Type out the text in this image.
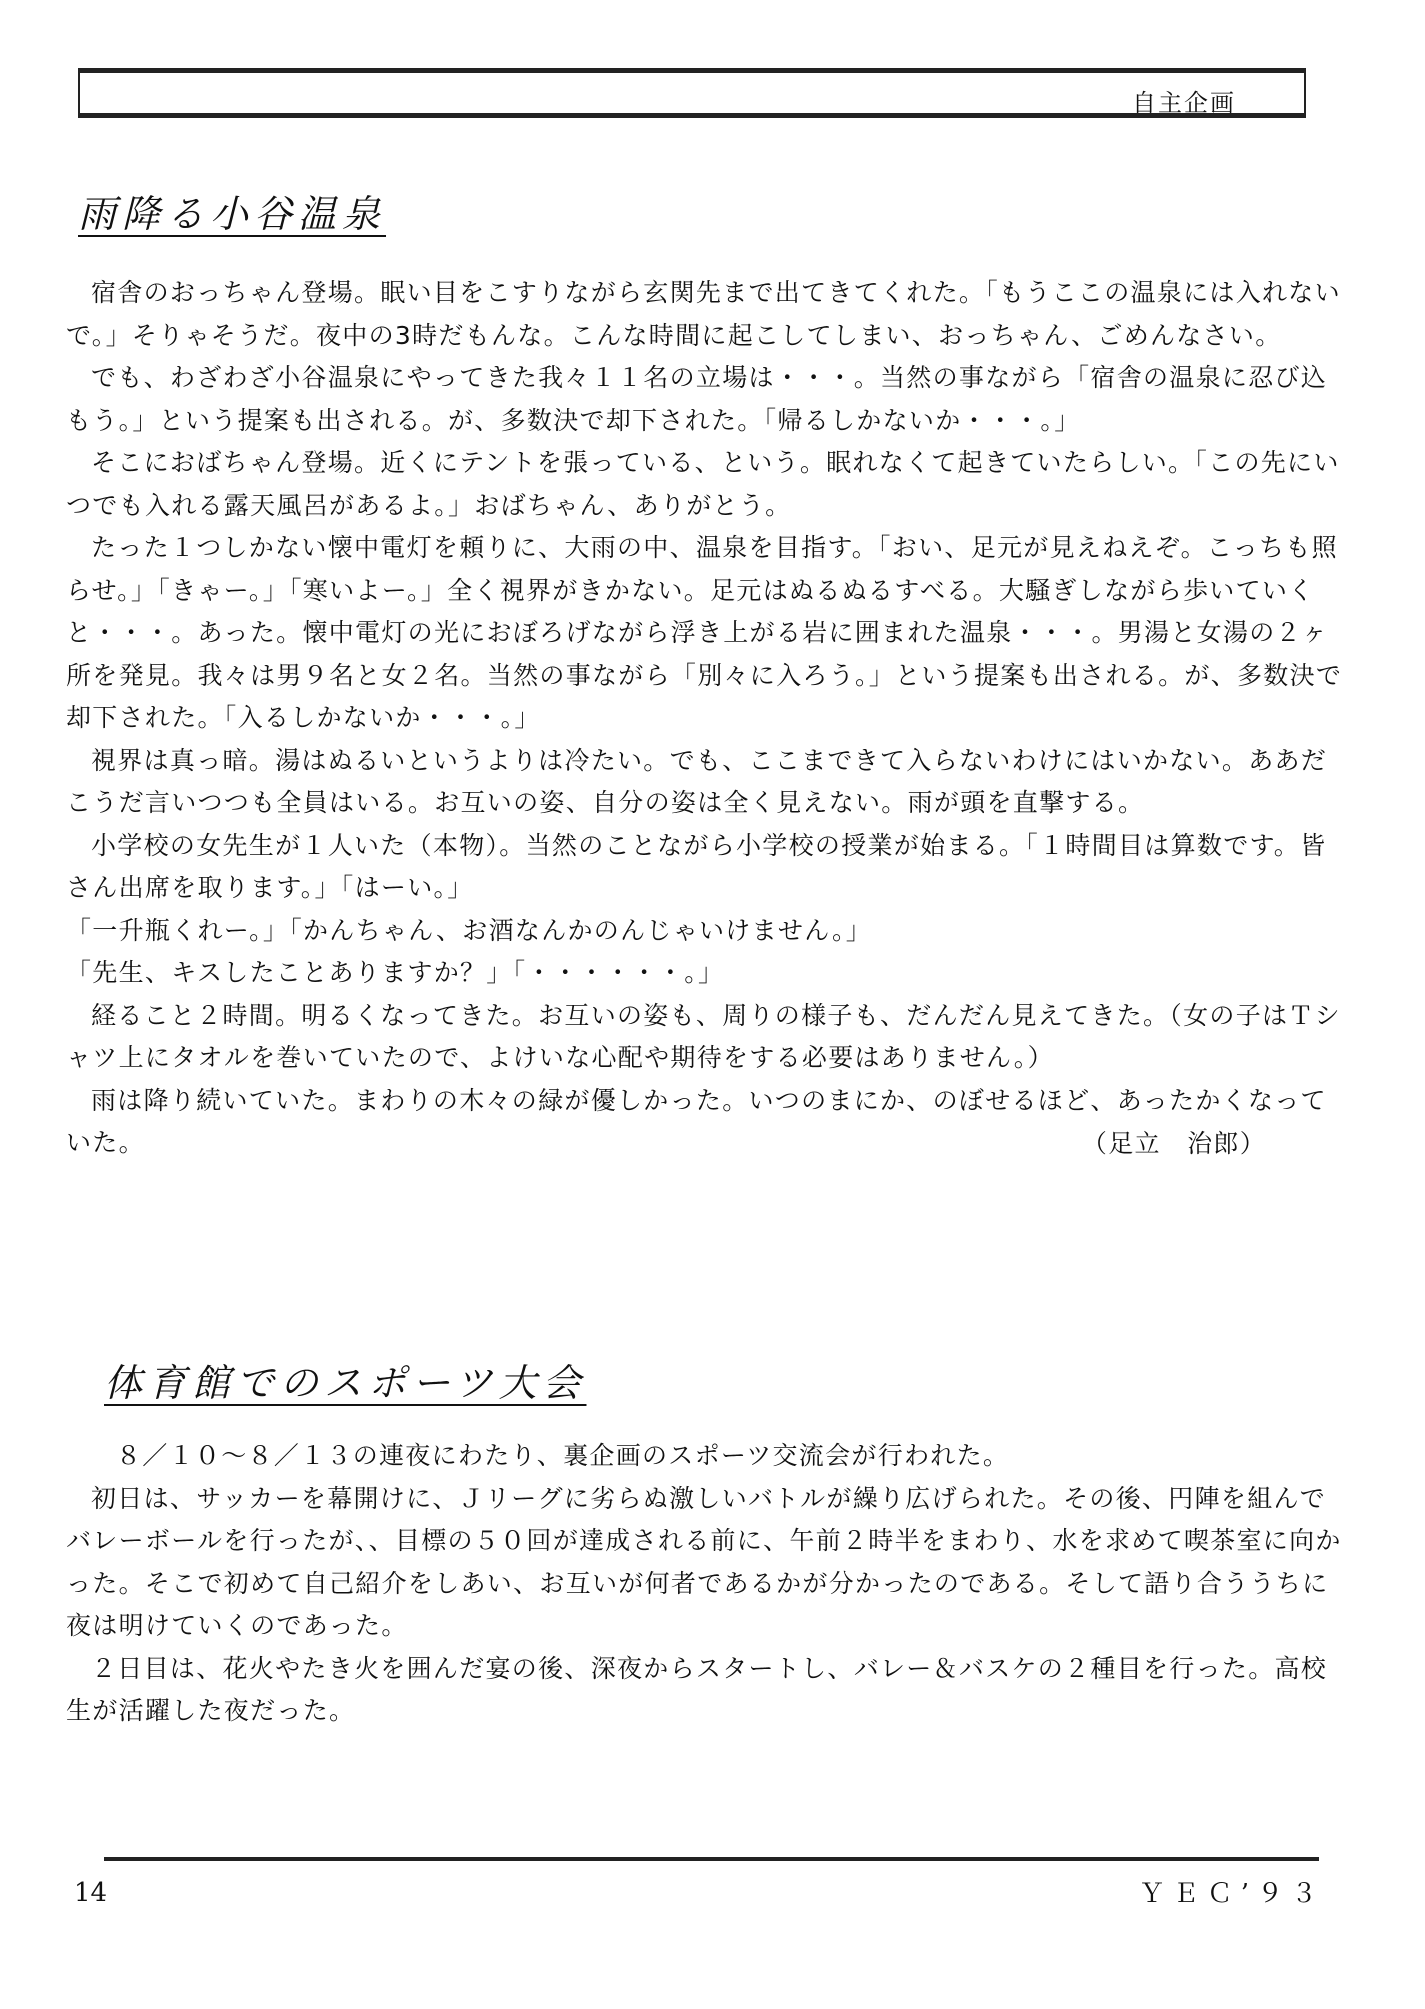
自主企画
雨降る小谷温泉

宿舎のおっちゃん登場。眠い目をこすりながら玄関先まで出てきてくれた。「もうここの温泉には入れないで。」そりゃそうだ。夜中の3時だもんな。こんな時間に起こしてしまい、おっちゃん、ごめんなさい。

でも、わざわざ小谷温泉にやってきた我々１１名の立場は・・・。当然の事ながら「宿舎の温泉に忍び込もう。」という提案も出される。が、多数決で却下された。「帰るしかないか・・・。」

そこにおばちゃん登場。近くにテントを張っている、という。眠れなくて起きていたらしい。「この先にいつでも入れる露天風呂があるよ。」おばちゃん、ありがとう。

たった１つしかない懐中電灯を頼りに、大雨の中、温泉を目指す。「おい、足元が見えねえぞ。こっちも照らせ。」「きゃー。」「寒いよー。」全く視界がきかない。足元はぬるぬるすべる。大騒ぎしながら歩いていくと・・・。あった。懐中電灯の光におぼろげながら浮き上がる岩に囲まれた温泉・・・。男湯と女湯の２ヶ所を発見。我々は男９名と女２名。当然の事ながら「別々に入ろう。」という提案も出される。が、多数決で却下された。「入るしかないか・・・。」

視界は真っ暗。湯はぬるいというよりは冷たい。でも、ここまできて入らないわけにはいかない。ああだこうだ言いつつも全員はいる。お互いの姿、自分の姿は全く見えない。雨が頭を直撃する。

小学校の女先生が１人いた（本物）。当然のことながら小学校の授業が始まる。「１時間目は算数です。皆さん出席を取ります。」「はーい。」

「一升瓶くれー。」「かんちゃん、お酒なんかのんじゃいけません。」

「先生、キスしたことありますか？」「・・・・・・。」

経ること２時間。明るくなってきた。お互いの姿も、周りの様子も、だんだん見えてきた。（女の子はＴシャツ上にタオルを巻いていたので、よけいな心配や期待をする必要はありません。）

雨は降り続いていた。まわりの木々の緑が優しかった。いつのまにか、のぼせるほど、あったかくなっていた。	（足立　治郎）
体育館でのスポーツ大会

８／１０～８／１３の連夜にわたり、裏企画のスポーツ交流会が行われた。

初日は、サッカーを幕開けに、Ｊリーグに劣らぬ激しいバトルが繰り広げられた。その後、円陣を組んでバレーボールを行ったが、、目標の５０回が達成される前に、午前２時半をまわり、水を求めて喫茶室に向かった。そこで初めて自己紹介をしあい、お互いが何者であるかが分かったのである。そして語り合ううちに夜は明けていくのであった。

２日目は、花火やたき火を囲んだ宴の後、深夜からスタートし、バレー＆バスケの２種目を行った。高校生が活躍した夜だった。

14	ＹＥＣ’９３
